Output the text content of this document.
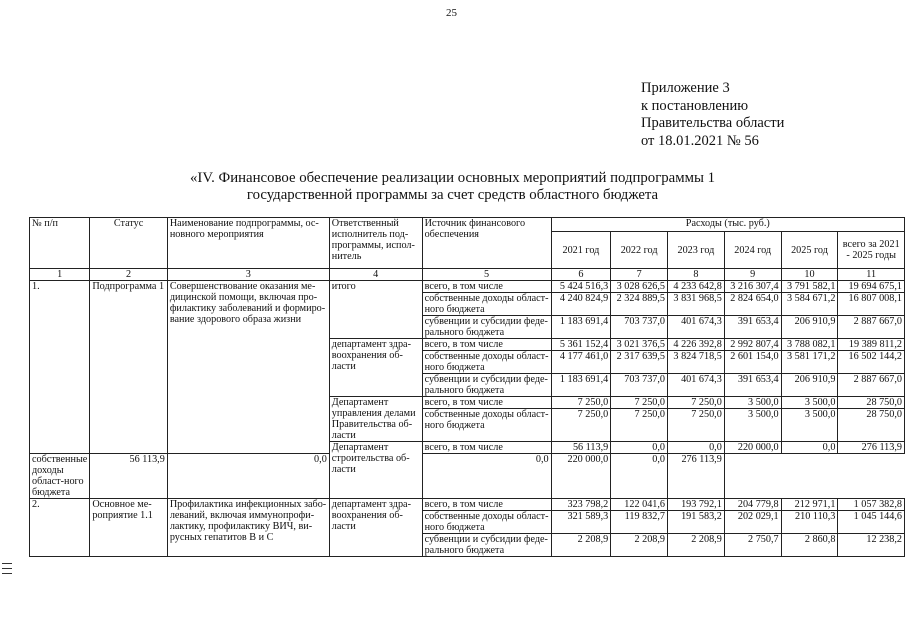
25
Приложение 3
к постановлению
Правительства области
от 18.01.2021 № 56
«IV. Финансовое обеспечение реализации основных мероприятий подпрограммы 1
государственной программы за счет средств областного бюджета
№ п/п	Статус	Наименование подпрограммы, ос-новного мероприятия	Ответственный исполнитель под-программы, испол-нитель	Источник финансового обеспечения	Расходы (тыс. руб.)					
					2021 год	2022 год	2023 год	2024 год	2025 год	всего за 2021 - 2025 годы
1	2	3	4	5	6	7	8	9	10	11
1.	Подпрограмма 1	Совершенствование оказания ме-дицинской помощи, включая про-филактику заболеваний и формиро-вание здорового образа жизни	итого	всего, в том числе	5 424 516,3	3 028 626,5	4 233 642,8	3 216 307,4	3 791 582,1	19 694 675,1
				собственные доходы област-ного бюджета	4 240 824,9	2 324 889,5	3 831 968,5	2 824 654,0	3 584 671,2	16 807 008,1
				субвенции и субсидии феде-рального бюджета	1 183 691,4	703 737,0	401 674,3	391 653,4	206 910,9	2 887 667,0
			департамент здра-воохранения об-ласти	всего, в том числе	5 361 152,4	3 021 376,5	4 226 392,8	2 992 807,4	3 788 082,1	19 389 811,2
				собственные доходы област-ного бюджета	4 177 461,0	2 317 639,5	3 824 718,5	2 601 154,0	3 581 171,2	16 502 144,2
				субвенции и субсидии феде-рального бюджета	1 183 691,4	703 737,0	401 674,3	391 653,4	206 910,9	2 887 667,0
			Департамент управления делами Правительства об-ласти	всего, в том числе	7 250,0	7 250,0	7 250,0	3 500,0	3 500,0	28 750,0
				собственные доходы област-ного бюджета	7 250,0	7 250,0	7 250,0	3 500,0	3 500,0	28 750,0
			Департамент строительства об-ласти	всего, в том числе	56 113,9	0,0	0,0	220 000,0	0,0	276 113,9
собственные доходы област-ного бюджета	56 113,9	0,0		0,0	220 000,0	0,0	276 113,9			
2.	Основное ме-роприятие 1.1	Профилактика инфекционных забо-леваний, включая иммунопрофи-лактику, профилактику ВИЧ, ви-русных гепатитов В и С	департамент здра-воохранения об-ласти	всего, в том числе	323 798,2	122 041,6	193 792,1	204 779,8	212 971,1	1 057 382,8
				собственные доходы област-ного бюджета	321 589,3	119 832,7	191 583,2	202 029,1	210 110,3	1 045 144,6
				субвенции и субсидии феде-рального бюджета	2 208,9	2 208,9	2 208,9	2 750,7	2 860,8	12 238,2
